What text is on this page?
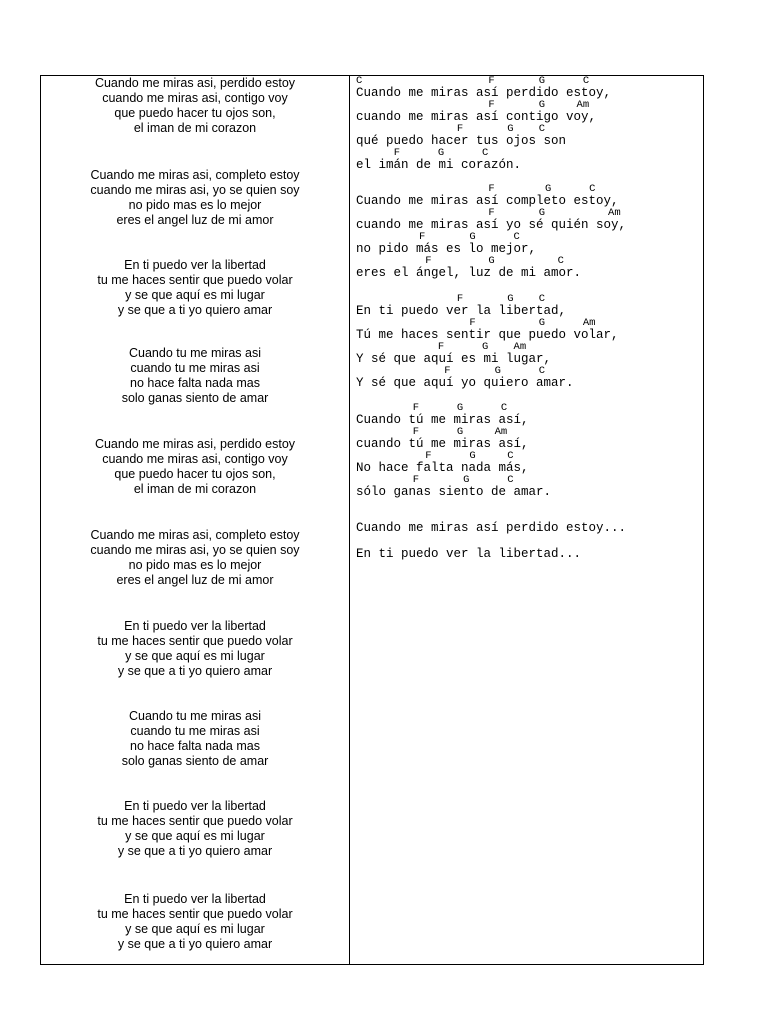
Cuando me miras asi, perdido estoy
cuando me miras asi, contigo voy
que puedo hacer tu ojos son,
el iman de mi corazon
Cuando me miras asi, completo estoy
cuando me miras asi, yo se quien soy
no pido mas es lo mejor
eres el angel luz de mi amor
En ti puedo ver la libertad
tu me haces sentir que puedo volar
y se que aquí es mi lugar
y se que a ti yo quiero amar
Cuando tu me miras asi
cuando tu me miras asi
no hace falta nada mas
solo ganas siento de amar
Cuando me miras asi, perdido estoy
cuando me miras asi, contigo voy
que puedo hacer tu ojos son,
el iman de mi corazon
Cuando me miras asi, completo estoy
cuando me miras asi, yo se quien soy
no pido mas es lo mejor
eres el angel luz de mi amor
En ti puedo ver la libertad
tu me haces sentir que puedo volar
y se que aquí es mi lugar
y se que a ti yo quiero amar
Cuando tu me miras asi
cuando tu me miras asi
no hace falta nada mas
solo ganas siento de amar
En ti puedo ver la libertad
tu me haces sentir que puedo volar
y se que aquí es mi lugar
y se que a ti yo quiero amar
En ti puedo ver la libertad
tu me haces sentir que puedo volar
y se que aquí es mi lugar
y se que a ti yo quiero amar
C                    F       G      C
Cuando me miras así perdido estoy,
F       G     Am
cuando me miras así contigo voy,
F       G    C
qué puedo hacer tus ojos son
F      G      C
el imán de mi corazón.
F        G      C
Cuando me miras así completo estoy,
F       G          Am
cuando me miras así yo sé quién soy,
F       G      C
no pido más es lo mejor,
F         G          C
eres el ángel, luz de mi amor.
F       G    C
En ti puedo ver la libertad,
F          G      Am
Tú me haces sentir que puedo volar,
F      G    Am
Y sé que aquí es mi lugar,
F       G      C
Y sé que aquí yo quiero amar.
F      G      C
Cuando tú me miras así,
F      G     Am
cuando tú me miras así,
F      G     C
No hace falta nada más,
F       G      C
sólo ganas siento de amar.
Cuando me miras así perdido estoy...
En ti puedo ver la libertad...
